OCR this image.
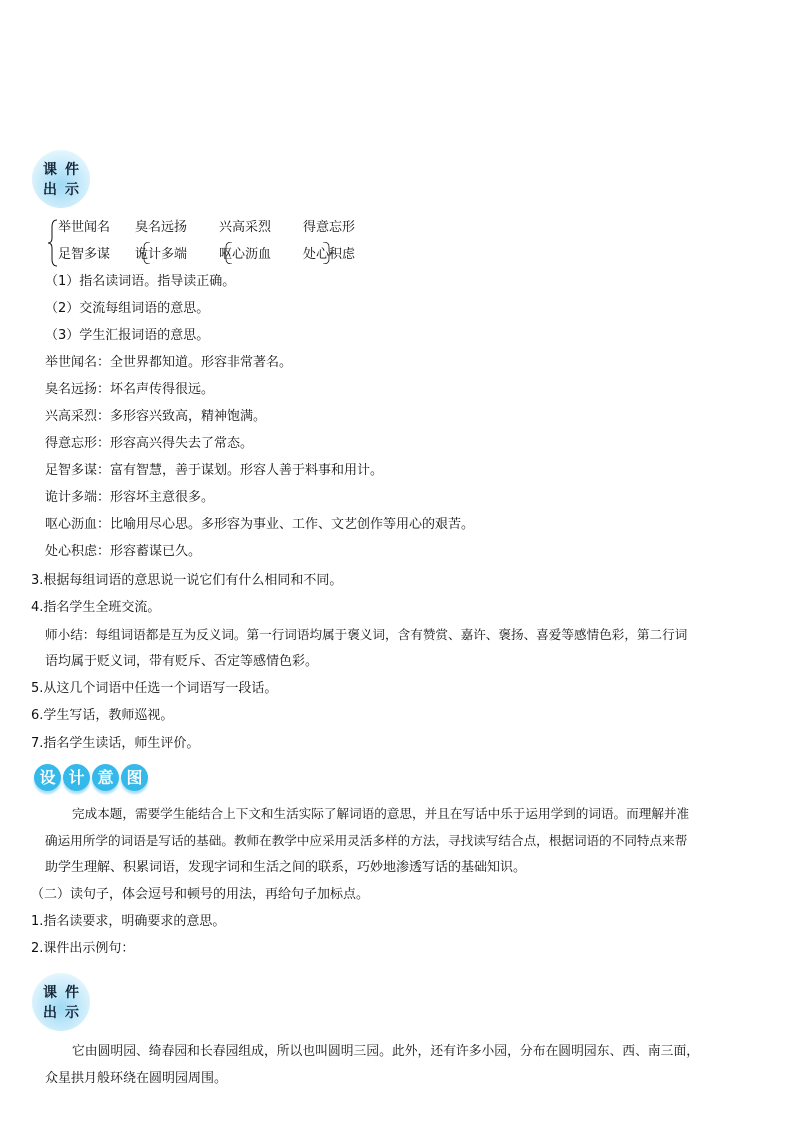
课 件
出 示
举世闻名 臭名远扬 兴高采烈 得意忘形
足智多谋 诡计多端 呕心沥血 处心积虑
（1）指名读词语。指导读正确。
（2）交流每组词语的意思。
（3）学生汇报词语的意思。
举世闻名：全世界都知道。形容非常著名。
臭名远扬：坏名声传得很远。
兴高采烈：多形容兴致高，精神饱满。
得意忘形：形容高兴得失去了常态。
足智多谋：富有智慧，善于谋划。形容人善于料事和用计。
诡计多端：形容坏主意很多。
呕心沥血：比喻用尽心思。多形容为事业、工作、文艺创作等用心的艰苦。
处心积虑：形容蓄谋已久。
3.根据每组词语的意思说一说它们有什么相同和不同。
4.指名学生全班交流。
师小结：每组词语都是互为反义词。第一行词语均属于褒义词，含有赞赏、嘉许、褒扬、喜爱等感情色彩，第二行词
语均属于贬义词，带有贬斥、否定等感情色彩。
5.从这几个词语中任选一个词语写一段话。
6.学生写话，教师巡视。
7.指名学生读话，师生评价。
设 计 意 图
完成本题，需要学生能结合上下文和生活实际了解词语的意思，并且在写话中乐于运用学到的词语。而理解并准
确运用所学的词语是写话的基础。教师在教学中应采用灵活多样的方法，寻找读写结合点，根据词语的不同特点来帮
助学生理解、积累词语，发现字词和生活之间的联系，巧妙地渗透写话的基础知识。
（二）读句子，体会逗号和顿号的用法，再给句子加标点。
1.指名读要求，明确要求的意思。
2.课件出示例句：
课 件
出 示
它由圆明园、绮春园和长春园组成，所以也叫圆明三园。此外，还有许多小园，分布在圆明园东、西、南三面，
众星拱月般环绕在圆明园周围。
